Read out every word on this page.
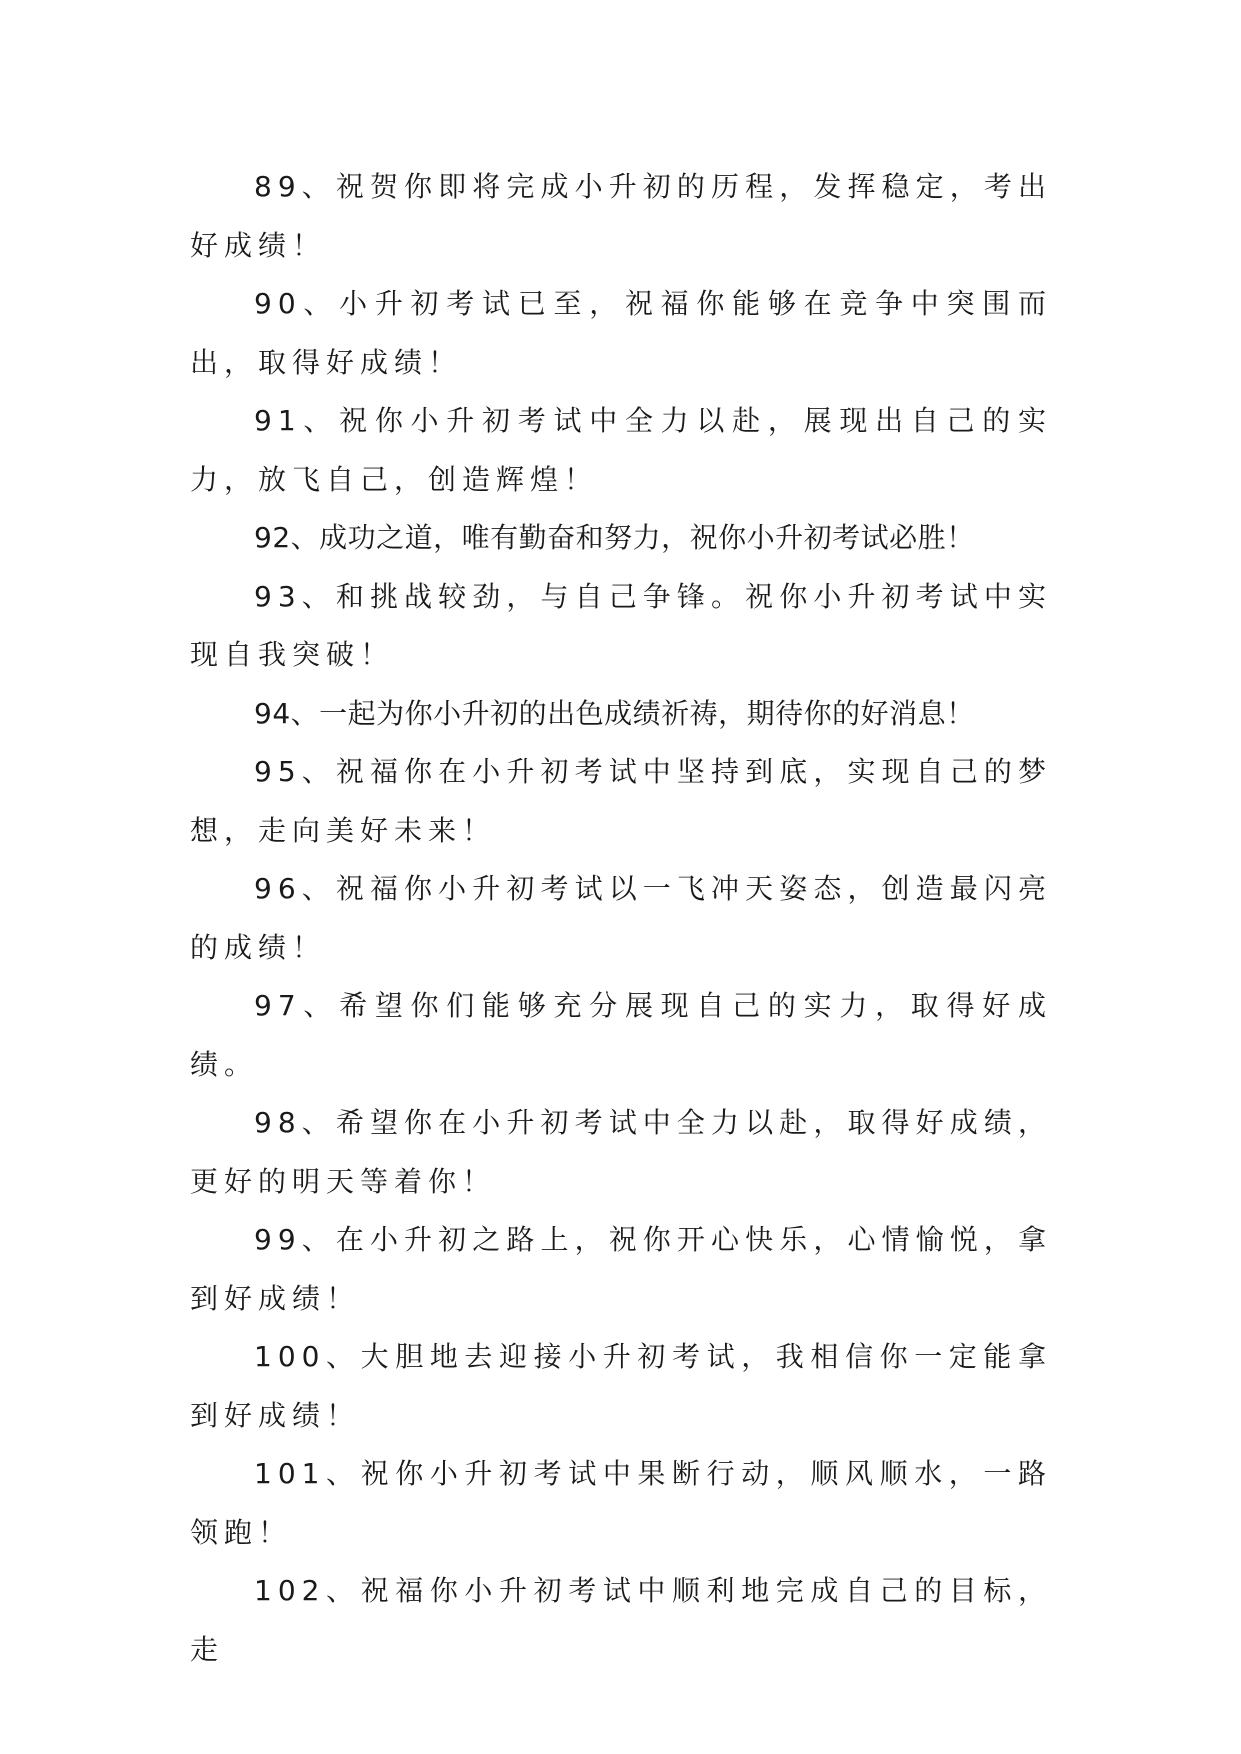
89、祝贺你即将完成小升初的历程，发挥稳定，考出好成绩！

90、小升初考试已至，祝福你能够在竞争中突围而出，取得好成绩！

91、祝你小升初考试中全力以赴，展现出自己的实力，放飞自己，创造辉煌！

92、成功之道，唯有勤奋和努力，祝你小升初考试必胜！

93、和挑战较劲，与自己争锋。祝你小升初考试中实现自我突破！

94、一起为你小升初的出色成绩祈祷，期待你的好消息！

95、祝福你在小升初考试中坚持到底，实现自己的梦想，走向美好未来！

96、祝福你小升初考试以一飞冲天姿态，创造最闪亮的成绩！

97、希望你们能够充分展现自己的实力，取得好成绩。

98、希望你在小升初考试中全力以赴，取得好成绩，更好的明天等着你！

99、在小升初之路上，祝你开心快乐，心情愉悦，拿到好成绩！

100、大胆地去迎接小升初考试，我相信你一定能拿到好成绩！

101、祝你小升初考试中果断行动，顺风顺水，一路领跑！

102、祝福你小升初考试中顺利地完成自己的目标，走
